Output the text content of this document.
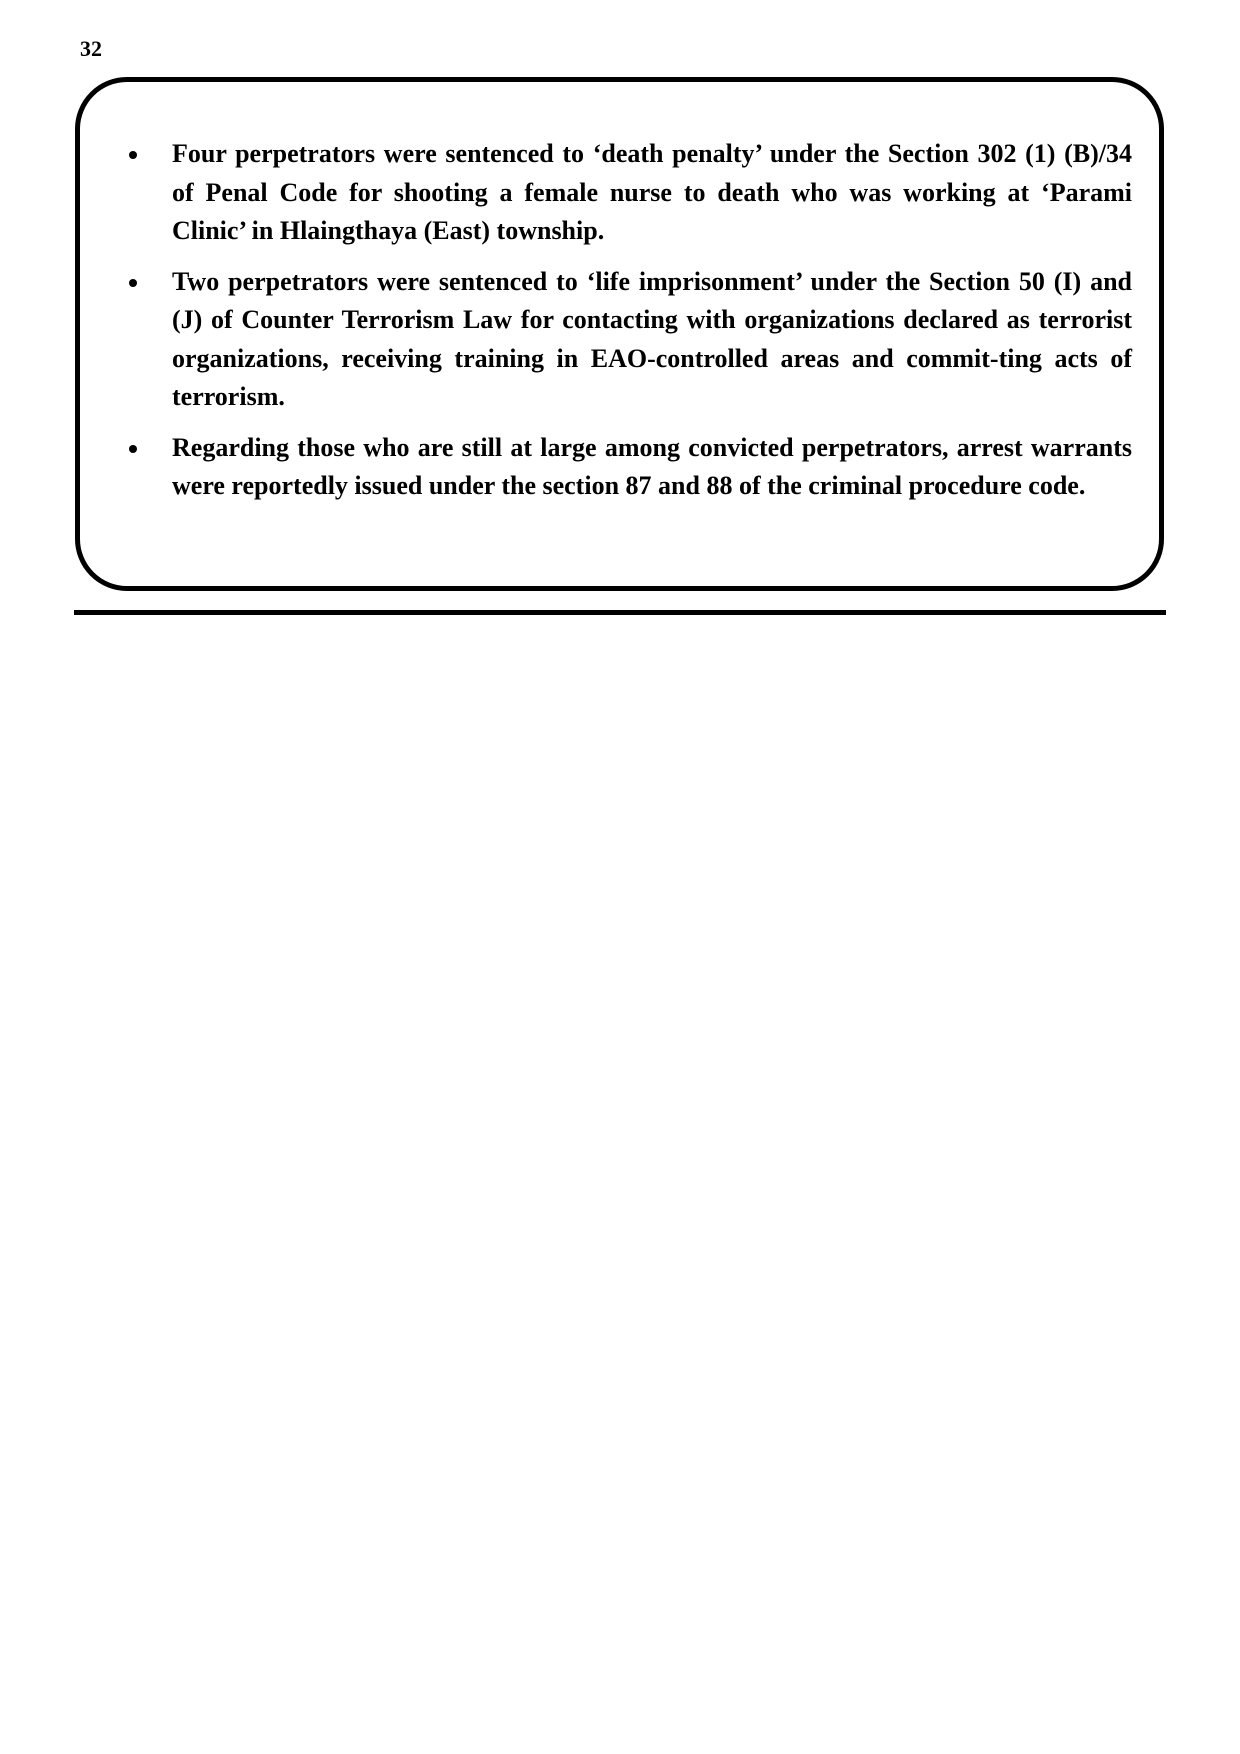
32
Four perpetrators were sentenced to ‘death penalty’ under the Section 302 (1) (B)/34 of Penal Code for shooting a female nurse to death who was working at ‘Parami Clinic’ in Hlaingthaya (East) township.
Two perpetrators were sentenced to ‘life imprisonment’ under the Section 50 (I) and (J) of Counter Terrorism Law for contacting with organizations declared as terrorist organizations, receiving training in EAO-controlled areas and commit-ting acts of terrorism.
Regarding those who are still at large among convicted perpetrators, arrest warrants were reportedly issued under the section 87 and 88 of the criminal procedure code.
